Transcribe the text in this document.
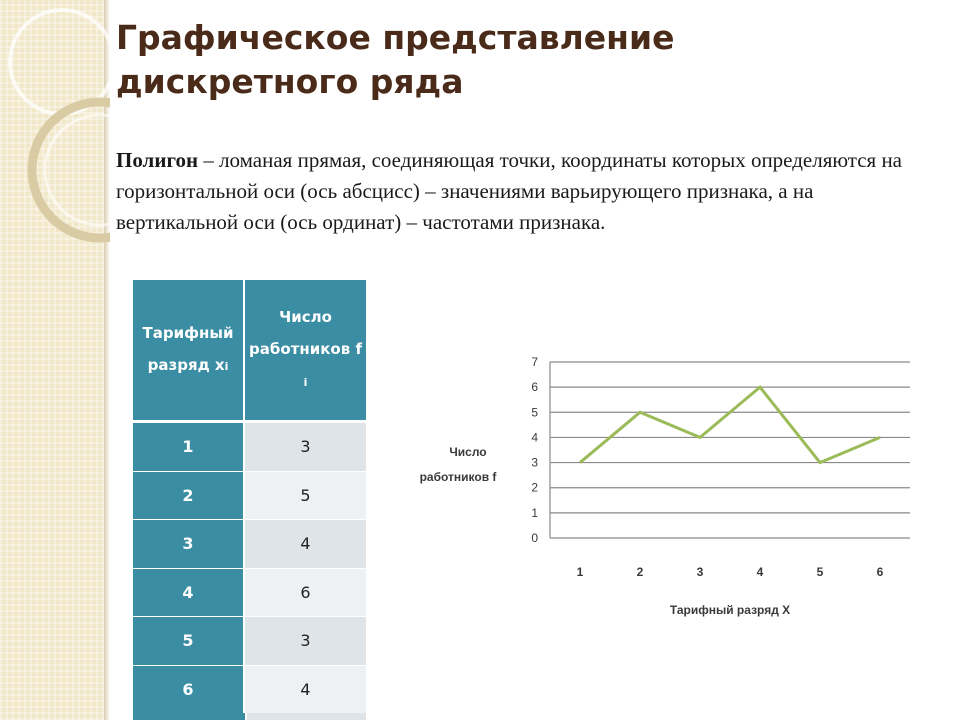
Графическое представление дискретного ряда

Полигон – ломаная прямая, соединяющая точки, координаты которых определяются на горизонтальной оси (ось абсцисс) – значениями варьирующего признака, а на вертикальной оси (ось ординат) – частотами признака.

Тарифный разряд xi	Число работников f i
1	3
2	5
3	4
4	6
5	3
6	4
0
1
2
3
4
5
6
7
1	2	3	4	5	6
Число
работников f
Тарифный разряд Х
